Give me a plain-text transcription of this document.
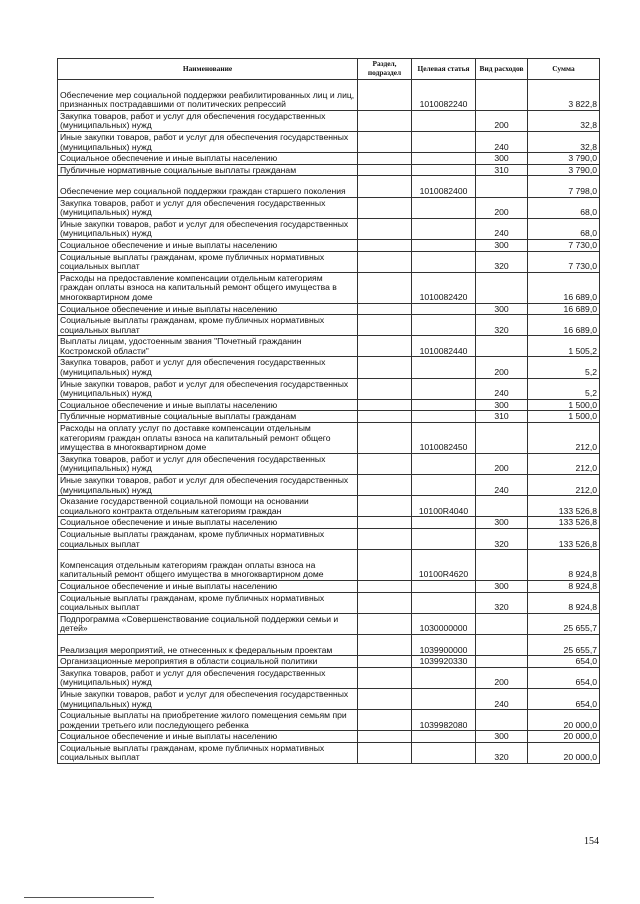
Наименование	Раздел, подраздел	Целевая статья	Вид расходов	Сумма
Обеспечение мер социальной поддержки реабилитированных лиц и лиц, признанных пострадавшими от политических репрессий		1010082240		3 822,8
Закупка товаров, работ и услуг для обеспечения государственных (муниципальных) нужд			200	32,8
Иные закупки товаров, работ и услуг для обеспечения государственных (муниципальных) нужд			240	32,8
Социальное обеспечение и иные выплаты населению			300	3 790,0
Публичные нормативные социальные выплаты гражданам			310	3 790,0
Обеспечение мер социальной поддержки граждан старшего поколения		1010082400		7 798,0
Закупка товаров, работ и услуг для обеспечения государственных (муниципальных) нужд			200	68,0
Иные закупки товаров, работ и услуг для обеспечения государственных (муниципальных) нужд			240	68,0
Социальное обеспечение и иные выплаты населению			300	7 730,0
Социальные выплаты гражданам, кроме публичных нормативных социальных выплат			320	7 730,0
Расходы на предоставление компенсации отдельным категориям граждан оплаты взноса на капитальный ремонт общего имущества в многоквартирном доме		1010082420		16 689,0
Социальное обеспечение и иные выплаты населению			300	16 689,0
Социальные выплаты гражданам, кроме публичных нормативных социальных выплат			320	16 689,0
Выплаты лицам, удостоенным звания "Почетный гражданин Костромской области"		1010082440		1 505,2
Закупка товаров, работ и услуг для обеспечения государственных (муниципальных) нужд			200	5,2
Иные закупки товаров, работ и услуг для обеспечения государственных (муниципальных) нужд			240	5,2
Социальное обеспечение и иные выплаты населению			300	1 500,0
Публичные нормативные социальные выплаты гражданам			310	1 500,0
Расходы на оплату услуг по доставке компенсации отдельным категориям граждан оплаты взноса на капитальный ремонт общего имущества в многоквартирном доме		1010082450		212,0
Закупка товаров, работ и услуг для обеспечения государственных (муниципальных) нужд			200	212,0
Иные закупки товаров, работ и услуг для обеспечения государственных (муниципальных) нужд			240	212,0
Оказание государственной социальной помощи на основании социального контракта отдельным категориям граждан		10100R4040		133 526,8
Социальное обеспечение и иные выплаты населению			300	133 526,8
Социальные выплаты гражданам, кроме публичных нормативных социальных выплат			320	133 526,8
Компенсация отдельным категориям граждан оплаты взноса на капитальный ремонт общего имущества в многоквартирном доме		10100R4620		8 924,8
Социальное обеспечение и иные выплаты населению			300	8 924,8
Социальные выплаты гражданам, кроме публичных нормативных социальных выплат			320	8 924,8
Подпрограмма «Совершенствование социальной поддержки семьи и детей»		1030000000		25 655,7
Реализация мероприятий, не отнесенных к федеральным проектам		1039900000		25 655,7
Организационные мероприятия в области социальной политики		1039920330		654,0
Закупка товаров, работ и услуг для обеспечения государственных (муниципальных) нужд			200	654,0
Иные закупки товаров, работ и услуг для обеспечения государственных (муниципальных) нужд			240	654,0
Социальные выплаты на приобретение жилого помещения семьям при рождении третьего или последующего ребенка		1039982080		20 000,0
Социальное обеспечение и иные выплаты населению			300	20 000,0
Социальные выплаты гражданам, кроме публичных нормативных социальных выплат			320	20 000,0
154
